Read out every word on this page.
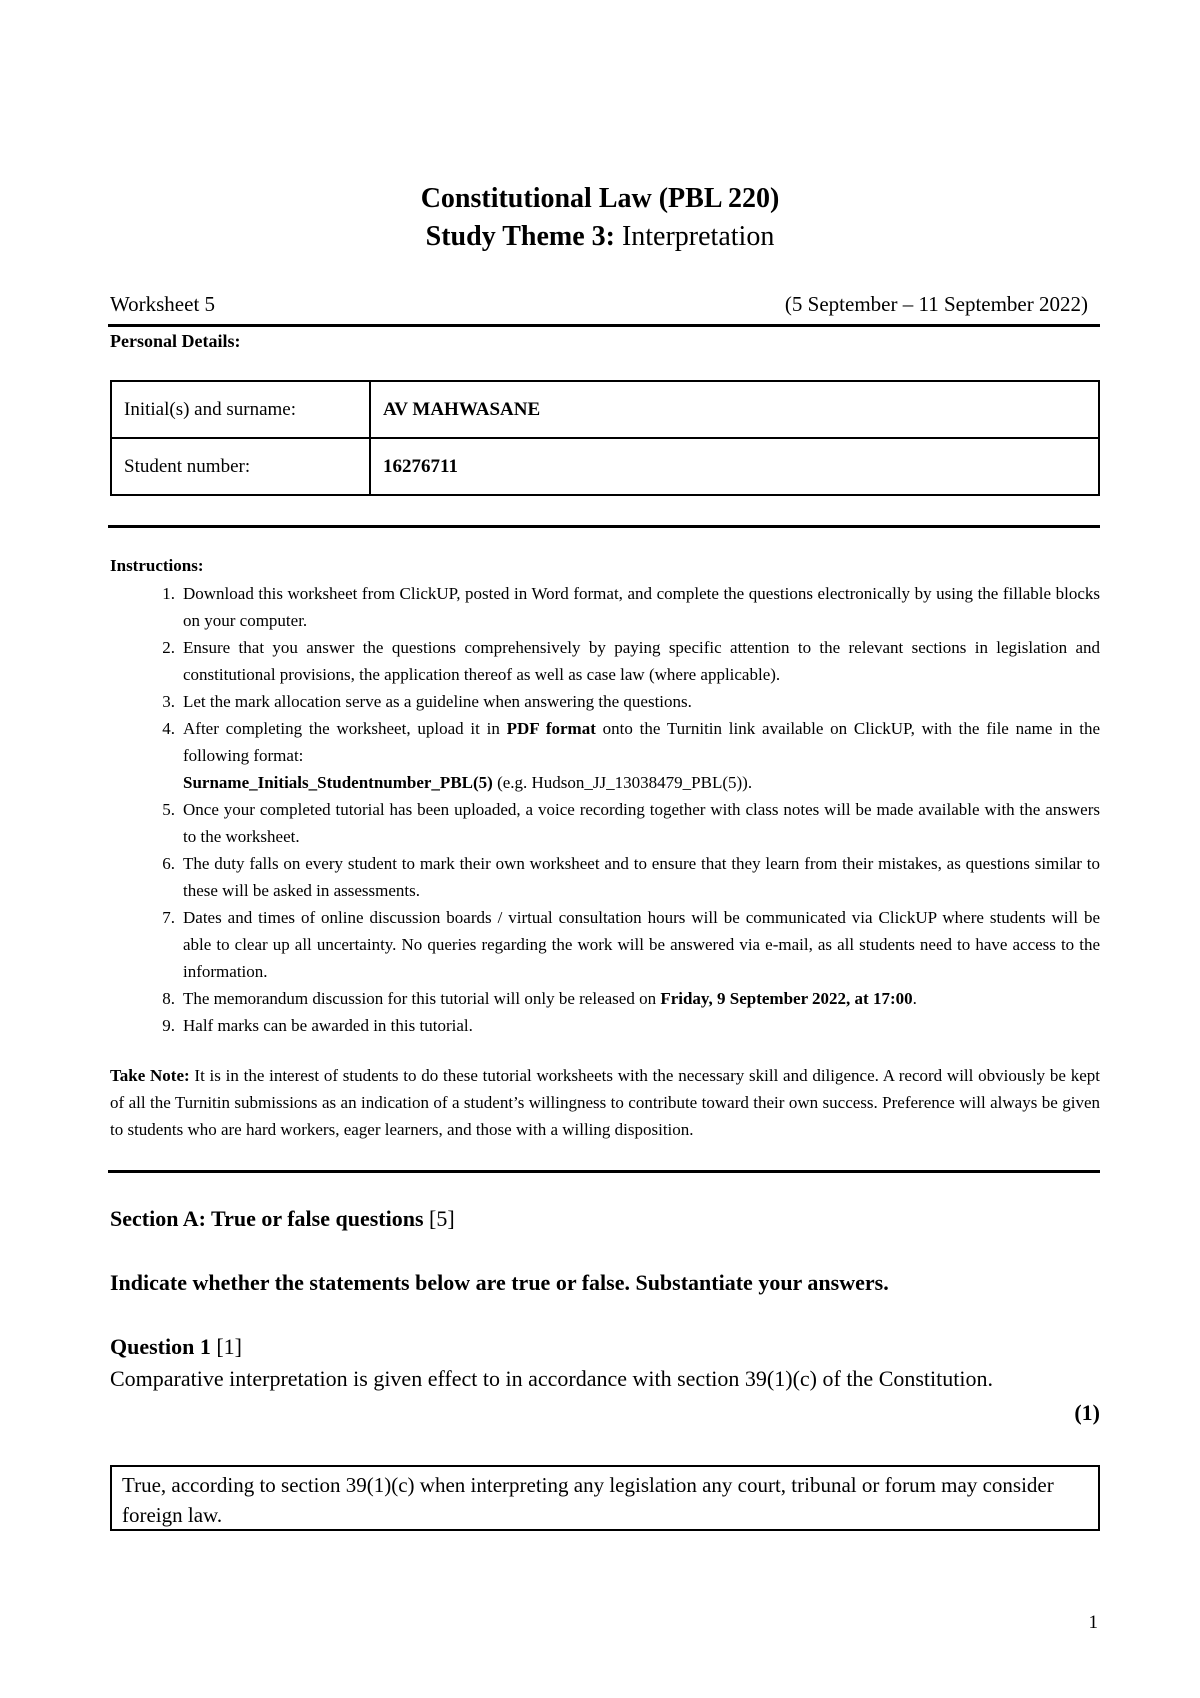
Constitutional Law (PBL 220)
Study Theme 3: Interpretation
Worksheet 5	(5 September – 11 September 2022)
Personal Details:
Initial(s) and surname:	AV MAHWASANE
Student number:	16276711
Instructions:
1. Download this worksheet from ClickUP, posted in Word format, and complete the questions electronically by using the fillable blocks on your computer.
2. Ensure that you answer the questions comprehensively by paying specific attention to the relevant sections in legislation and constitutional provisions, the application thereof as well as case law (where applicable).
3. Let the mark allocation serve as a guideline when answering the questions.
4. After completing the worksheet, upload it in PDF format onto the Turnitin link available on ClickUP, with the file name in the following format:
Surname_Initials_Studentnumber_PBL(5) (e.g. Hudson_JJ_13038479_PBL(5)).
5. Once your completed tutorial has been uploaded, a voice recording together with class notes will be made available with the answers to the worksheet.
6. The duty falls on every student to mark their own worksheet and to ensure that they learn from their mistakes, as questions similar to these will be asked in assessments.
7. Dates and times of online discussion boards / virtual consultation hours will be communicated via ClickUP where students will be able to clear up all uncertainty. No queries regarding the work will be answered via e-mail, as all students need to have access to the information.
8. The memorandum discussion for this tutorial will only be released on Friday, 9 September 2022, at 17:00.
9. Half marks can be awarded in this tutorial.
Take Note: It is in the interest of students to do these tutorial worksheets with the necessary skill and diligence. A record will obviously be kept of all the Turnitin submissions as an indication of a student’s willingness to contribute toward their own success. Preference will always be given to students who are hard workers, eager learners, and those with a willing disposition.
Section A: True or false questions [5]
Indicate whether the statements below are true or false. Substantiate your answers.
Question 1 [1]
Comparative interpretation is given effect to in accordance with section 39(1)(c) of the Constitution.
(1)
True, according to section 39(1)(c) when interpreting any legislation any court, tribunal or forum may consider foreign law.
1
